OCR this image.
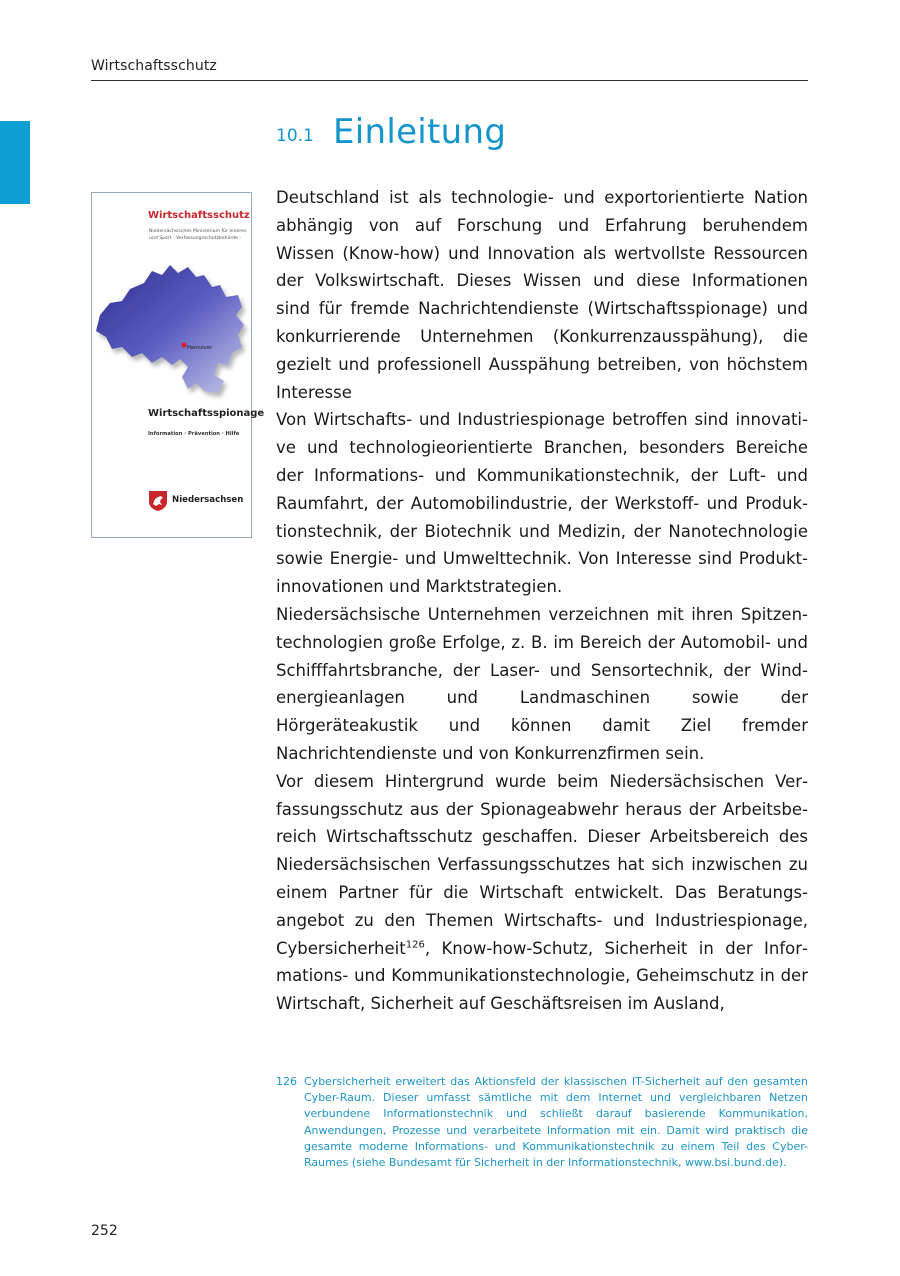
Wirtschaftsschutz
10.1 Einleitung
Wirtschaftsschutz
Niedersächsisches Ministerium für Inneres und Sport - Verfassungsschutzbehörde -
Hannover
Wirtschaftsspionage
Information · Prävention · Hilfe
Niedersachsen

Deutschland ist als technologie- und exportorientierte Nation abhängig von auf Forschung und Erfahrung beruhendem Wissen (Know-how) und Innovation als wertvollste Ressourcen der Volkswirtschaft. Dieses Wissen und diese Informationen sind für fremde Nachrichtendienste (Wirtschaftsspionage) und konkurrierende Unternehmen (Konkurrenzausspähung), die gezielt und professionell Ausspähung betreiben, von höchstem Interesse

Von Wirtschafts- und Industriespionage betroffen sind innovative und technologieorientierte Branchen, besonders Bereiche der Informations- und Kommunikationstechnik, der Luft- und Raumfahrt, der Automobilindustrie, der Werkstoff- und Produktionstechnik, der Biotechnik und Medizin, der Nanotechnologie sowie Energie- und Umwelttechnik. Von Interesse sind Produktinnovationen und Marktstrategien.

Niedersächsische Unternehmen verzeichnen mit ihren Spitzentechnologien große Erfolge, z. B. im Bereich der Automobil- und Schifffahrtsbranche, der Laser- und Sensortechnik, der Windenergieanlagen und Landmaschinen sowie der Hörgeräteakustik und können damit Ziel fremder Nachrichtendienste und von Konkurrenzfirmen sein.

Vor diesem Hintergrund wurde beim Niedersächsischen Verfassungsschutz aus der Spionageabwehr heraus der Arbeitsbereich Wirtschaftsschutz geschaffen. Dieser Arbeitsbereich des Niedersächsischen Verfassungsschutzes hat sich inzwischen zu einem Partner für die Wirtschaft entwickelt. Das Beratungsangebot zu den Themen Wirtschafts- und Industriespionage, Cybersicherheit$^{126}$, Know-how-Schutz, Sicherheit in der Informations- und Kommunikationstechnologie, Geheimschutz in der Wirtschaft, Sicherheit auf Geschäftsreisen im Ausland,

126 Cybersicherheit erweitert das Aktionsfeld der klassischen IT-Sicherheit auf den gesamten Cyber-Raum. Dieser umfasst sämtliche mit dem Internet und vergleichbaren Netzen verbundene Informationstechnik und schließt darauf basierende Kommunikation, Anwendungen, Prozesse und verarbeitete Information mit ein. Damit wird praktisch die gesamte moderne Informations- und Kommunikationstechnik zu einem Teil des Cyber-Raumes (siehe Bundesamt für Sicherheit in der Informationstechnik, www.bsi.bund.de).
252
